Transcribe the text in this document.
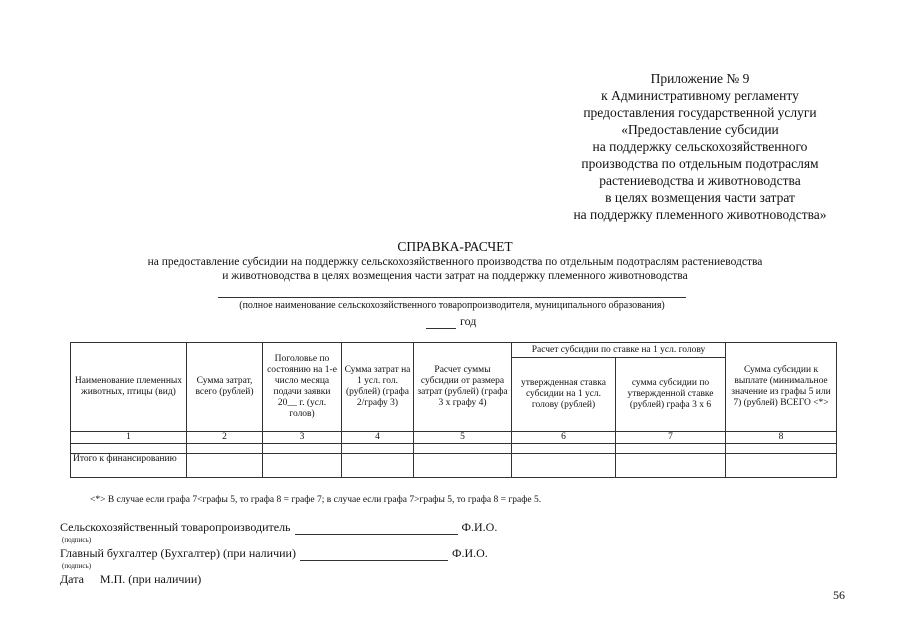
Приложение № 9
к Административному регламенту
предоставления государственной услуги
«Предоставление субсидии
на поддержку сельскохозяйственного
производства по отдельным подотраслям
растениеводства и животноводства
в целях возмещения части затрат
на поддержку племенного животноводства»
СПРАВКА-РАСЧЕТ
на предоставление субсидии на поддержку сельскохозяйственного производства по отдельным подотраслям растениеводства
и животноводства в целях возмещения части затрат на поддержку племенного животноводства
(полное наименование сельскохозяйственного товаропроизводителя, муниципального образования)
год
Наименование племенных животных, птицы (вид)	Сумма затрат, всего (рублей)	Поголовье по состоянию на 1-е число месяца подачи заявки 20__ г. (усл. голов)	Сумма затрат на 1 усл. гол. (рублей) (графа 2/графу 3)	Расчет суммы субсидии от размера затрат (рублей) (графа 3 х графу 4)	Расчет субсидии по ставке на 1 усл. голову		Сумма субсидии к выплате (минимальное значение из графы 5 или 7) (рублей) ВСЕГО <*>
					утвержденная ставка субсидии на 1 усл. голову (рублей)	сумма субсидии по утвержденной ставке (рублей) графа 3 х 6	
1	2	3	4	5	6	7	8

Итого к финансированию							
<*> В случае если графа 7<графы 5, то графа 8 = графе 7; в случае если графа 7>графы 5, то графа 8 = графе 5.
Сельскохозяйственный товаропроизводитель	Ф.И.О.
(подпись)
Главный бухгалтер (Бухгалтер) (при наличии)	Ф.И.О.
(подпись)
Дата М.П. (при наличии)
56
